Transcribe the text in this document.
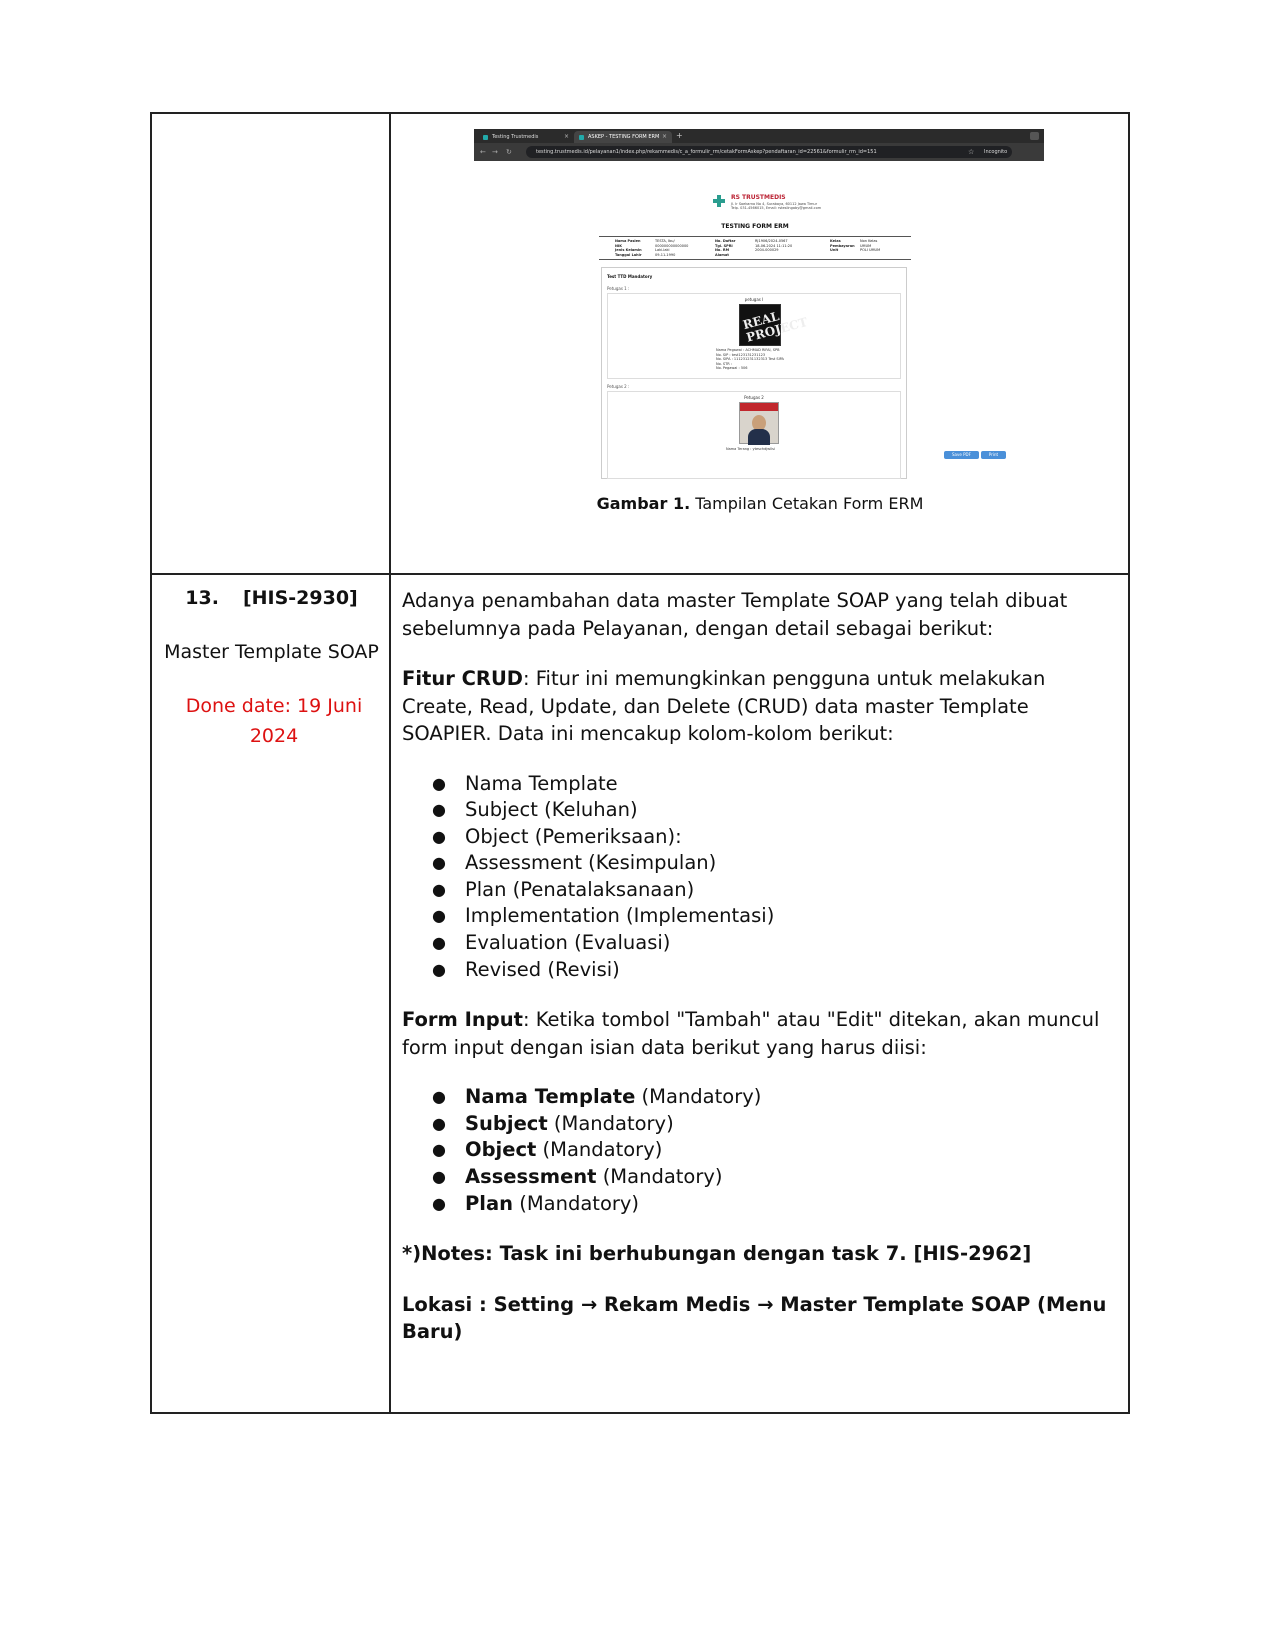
Testing Trustmedis	×	ASKEP - TESTING FORM ERM × +
← → ↻	testing.trustmedis.id/pelayanan1/index.php/rekammedis/c_a_formulir_rm/cetakFormAskep?pendaftaran_id=22561&formulir_rm_id=151	☆ Incognito
RS TRUSTMEDIS
Jl. Ir Soekarno No 4, Surabaya, 60112 Jawa Timur
Telp. 031-4566015, Email: rsteslingaby@gmail.com
TESTING FORM ERM
Nama Pasien	TESTA, Ibu/	No. Daftar	RJ1906/2024-0567	Kelas	Non Kelas
NIK	000000000000000	Tgl. SPRI	18-06-2024 11:11:20	Pembayaran	UMUM
Jenis Kelamin	Laki-laki	No. RM	2004-000029	Unit	POLI UMUM
Tanggal Lahir	09-11-1990	Alamat
Test TTD Mandatory
Petugas 1 :
petugas I
REAL PROJECT
Nama Pegawai : ACHMAD RIFAI, SPB
No. SIP : test123131231123
No. SIPA : 111231231132313 Test SIPA
No. STR :
No. Pegawai : 506
Petugas 2 :
Petugas 2
Nama Terang : yteschdjwllsi
Save PDF	Print
Gambar 1. Tampilan Cetakan Form ERM
13. [HIS-2930]
Master Template SOAP
Done date: 19 Juni
2024

Adanya penambahan data master Template SOAP yang telah dibuat sebelumnya pada Pelayanan, dengan detail sebagai berikut:

Fitur CRUD: Fitur ini memungkinkan pengguna untuk melakukan Create, Read, Update, dan Delete (CRUD) data master Template SOAPIER. Data ini mencakup kolom-kolom berikut:

● Nama Template
● Subject (Keluhan)
● Object (Pemeriksaan):
● Assessment (Kesimpulan)
● Plan (Penatalaksanaan)
● Implementation (Implementasi)
● Evaluation (Evaluasi)
● Revised (Revisi)

Form Input: Ketika tombol "Tambah" atau "Edit" ditekan, akan muncul form input dengan isian data berikut yang harus diisi:

● Nama Template (Mandatory)
● Subject (Mandatory)
● Object (Mandatory)
● Assessment (Mandatory)
● Plan (Mandatory)

*)Notes: Task ini berhubungan dengan task 7. [HIS-2962]

Lokasi : Setting → Rekam Medis → Master Template SOAP (Menu Baru)
